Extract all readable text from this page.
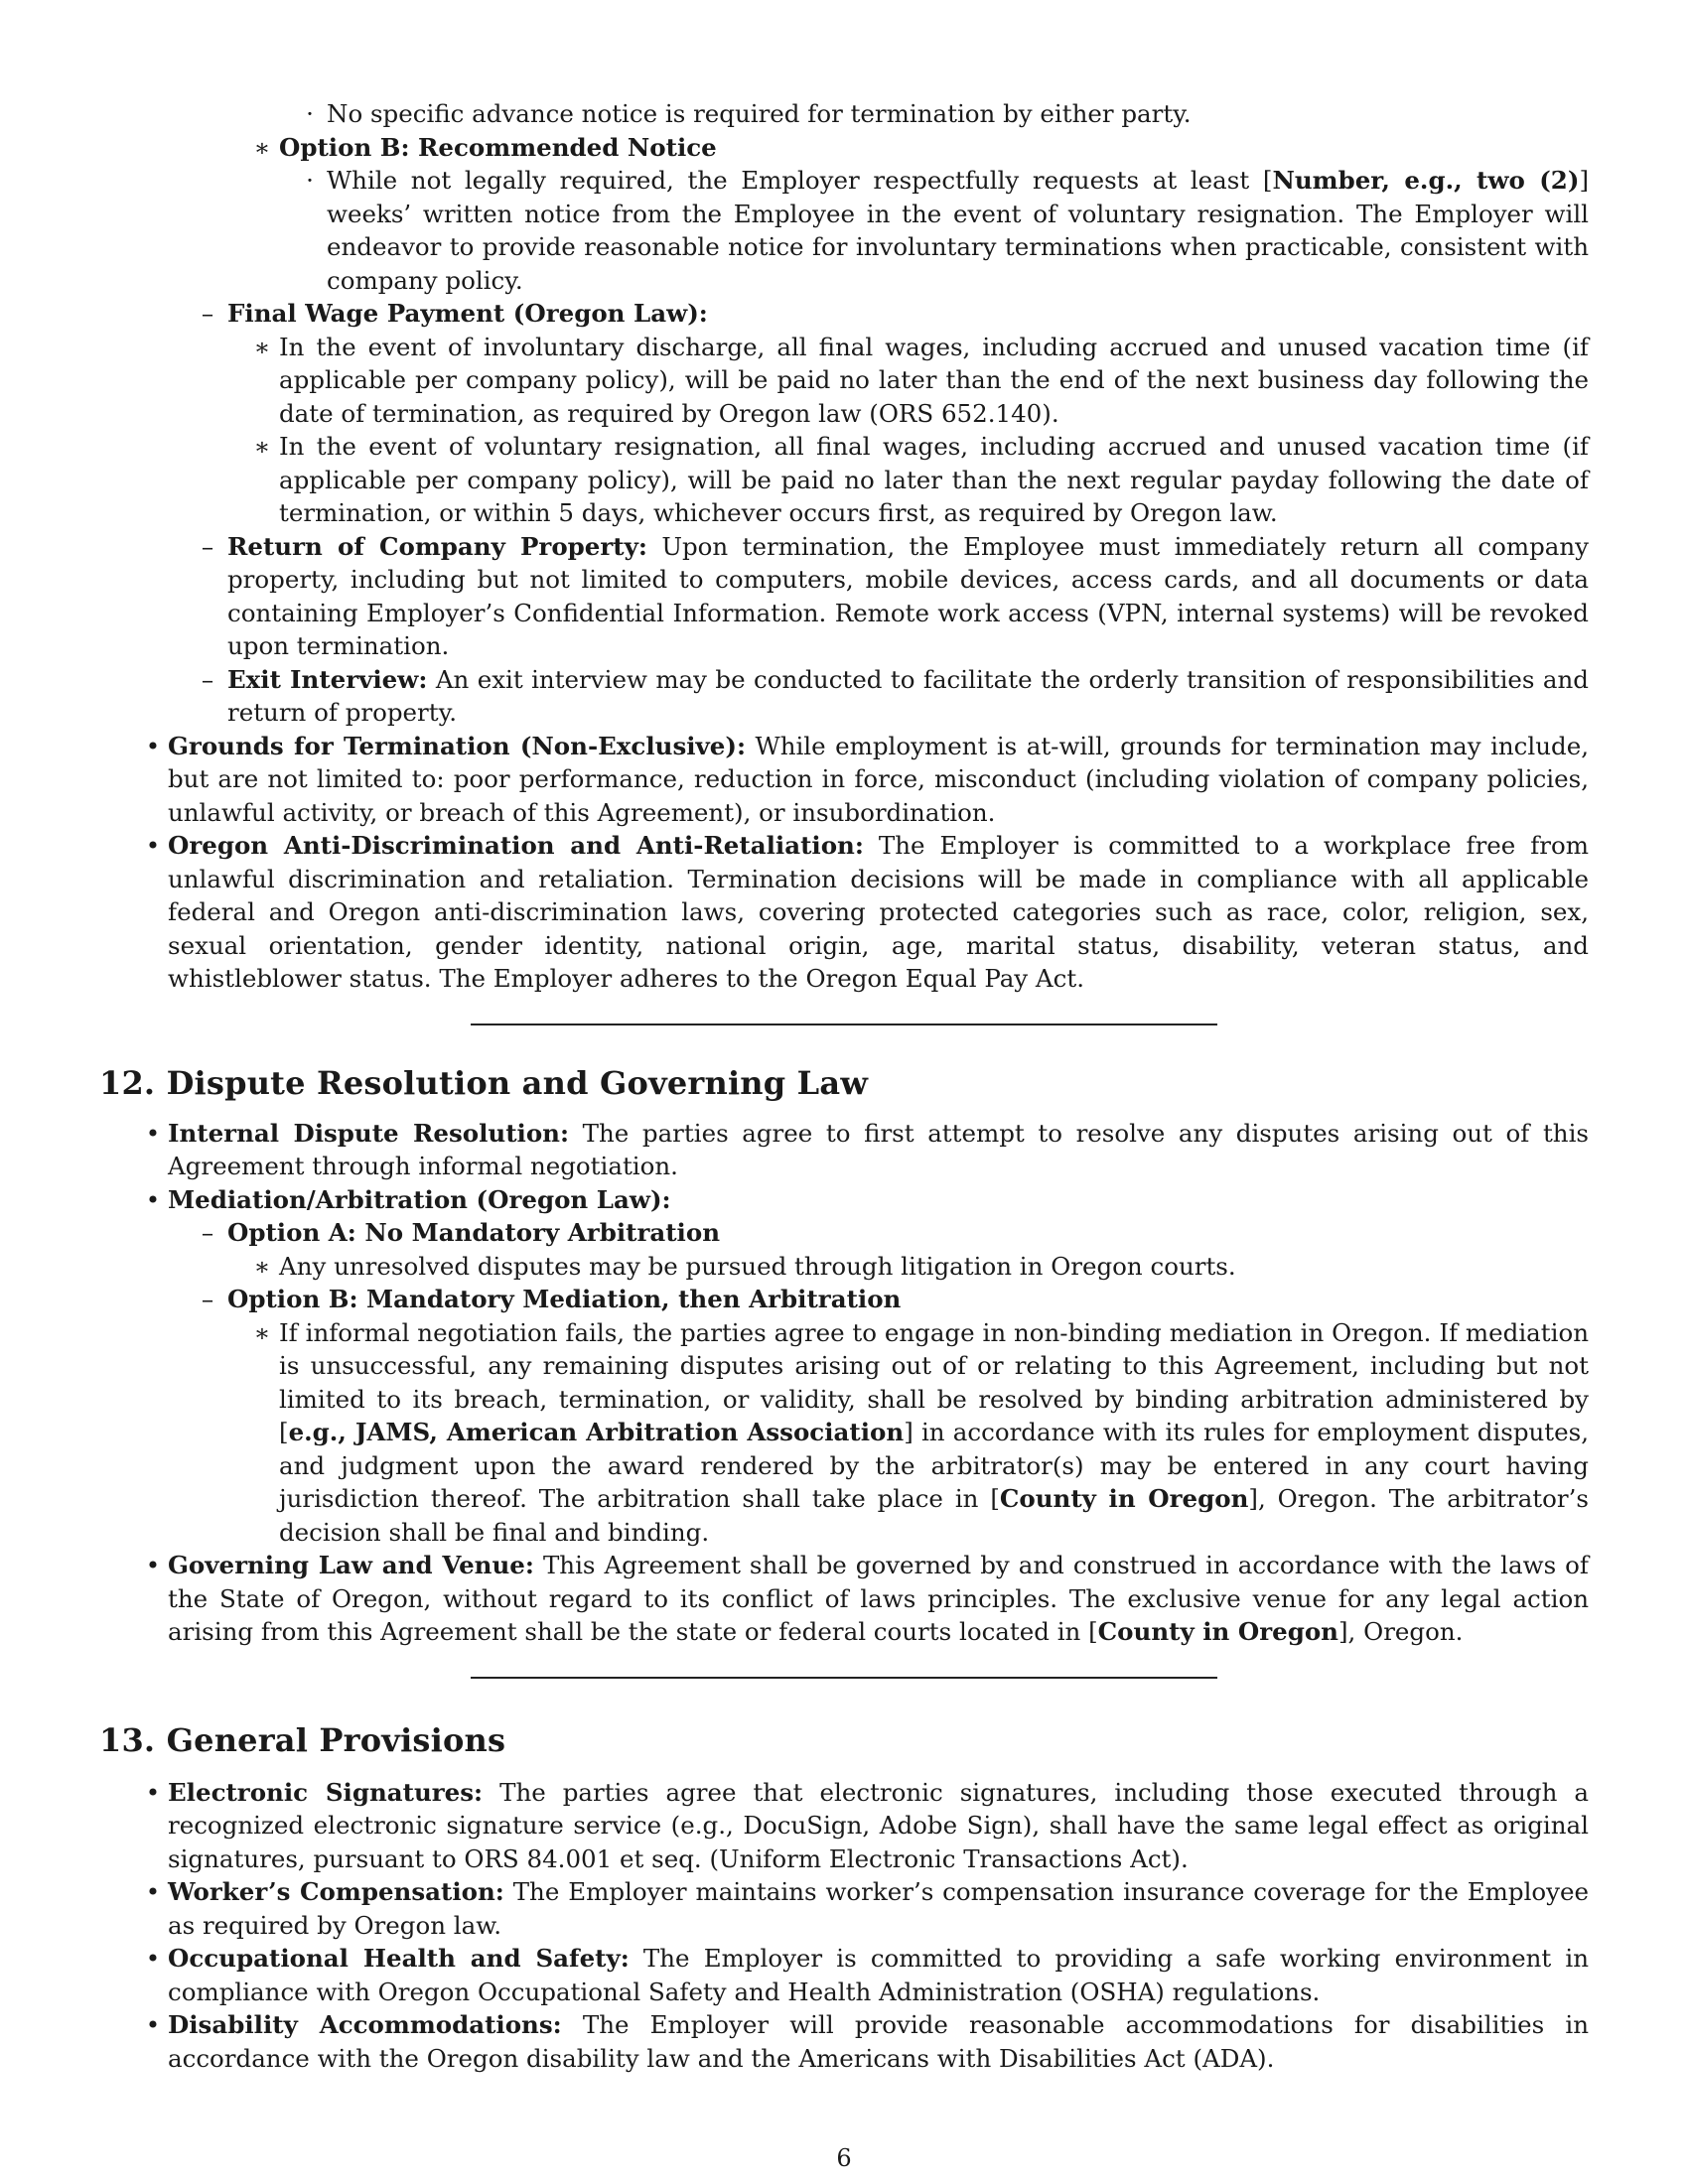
· No specific advance notice is required for termination by either party.
∗ Option B: Recommended Notice
· While not legally required, the Employer respectfully requests at least [Number, e.g., two (2)] weeks’ written notice from the Employee in the event of voluntary resignation. The Employer will endeavor to provide reasonable notice for involuntary terminations when practicable, consistent with company policy.
– Final Wage Payment (Oregon Law):
∗ In the event of involuntary discharge, all final wages, including accrued and unused vacation time (if applicable per company policy), will be paid no later than the end of the next business day following the date of termination, as required by Oregon law (ORS 652.140).
∗ In the event of voluntary resignation, all final wages, including accrued and unused vacation time (if applicable per company policy), will be paid no later than the next regular payday following the date of termination, or within 5 days, whichever occurs first, as required by Oregon law.
– Return of Company Property: Upon termination, the Employee must immediately return all company property, including but not limited to computers, mobile devices, access cards, and all documents or data containing Employer’s Confidential Information. Remote work access (VPN, internal systems) will be revoked upon termination.
– Exit Interview: An exit interview may be conducted to facilitate the orderly transition of responsibilities and return of property.
• Grounds for Termination (Non-Exclusive): While employment is at-will, grounds for termination may include, but are not limited to: poor performance, reduction in force, misconduct (including violation of company policies, unlawful activity, or breach of this Agreement), or insubordination.
• Oregon Anti-Discrimination and Anti-Retaliation: The Employer is committed to a workplace free from unlawful discrimination and retaliation. Termination decisions will be made in compliance with all applicable federal and Oregon anti-discrimination laws, covering protected categories such as race, color, religion, sex, sexual orientation, gender identity, national origin, age, marital status, disability, veteran status, and whistleblower status. The Employer adheres to the Oregon Equal Pay Act.
12. Dispute Resolution and Governing Law
• Internal Dispute Resolution: The parties agree to first attempt to resolve any disputes arising out of this Agreement through informal negotiation.
• Mediation/Arbitration (Oregon Law):
– Option A: No Mandatory Arbitration
∗ Any unresolved disputes may be pursued through litigation in Oregon courts.
– Option B: Mandatory Mediation, then Arbitration
∗ If informal negotiation fails, the parties agree to engage in non-binding mediation in Oregon. If mediation is unsuccessful, any remaining disputes arising out of or relating to this Agreement, including but not limited to its breach, termination, or validity, shall be resolved by binding arbitration administered by [e.g., JAMS, American Arbitration Association] in accordance with its rules for employment disputes, and judgment upon the award rendered by the arbitrator(s) may be entered in any court having jurisdiction thereof. The arbitration shall take place in [County in Oregon], Oregon. The arbitrator’s decision shall be final and binding.
• Governing Law and Venue: This Agreement shall be governed by and construed in accordance with the laws of the State of Oregon, without regard to its conflict of laws principles. The exclusive venue for any legal action arising from this Agreement shall be the state or federal courts located in [County in Oregon], Oregon.
13. General Provisions
• Electronic Signatures: The parties agree that electronic signatures, including those executed through a recognized electronic signature service (e.g., DocuSign, Adobe Sign), shall have the same legal effect as original signatures, pursuant to ORS 84.001 et seq. (Uniform Electronic Transactions Act).
• Worker’s Compensation: The Employer maintains worker’s compensation insurance coverage for the Employee as required by Oregon law.
• Occupational Health and Safety: The Employer is committed to providing a safe working environment in compliance with Oregon Occupational Safety and Health Administration (OSHA) regulations.
• Disability Accommodations: The Employer will provide reasonable accommodations for disabilities in accordance with the Oregon disability law and the Americans with Disabilities Act (ADA).
6
